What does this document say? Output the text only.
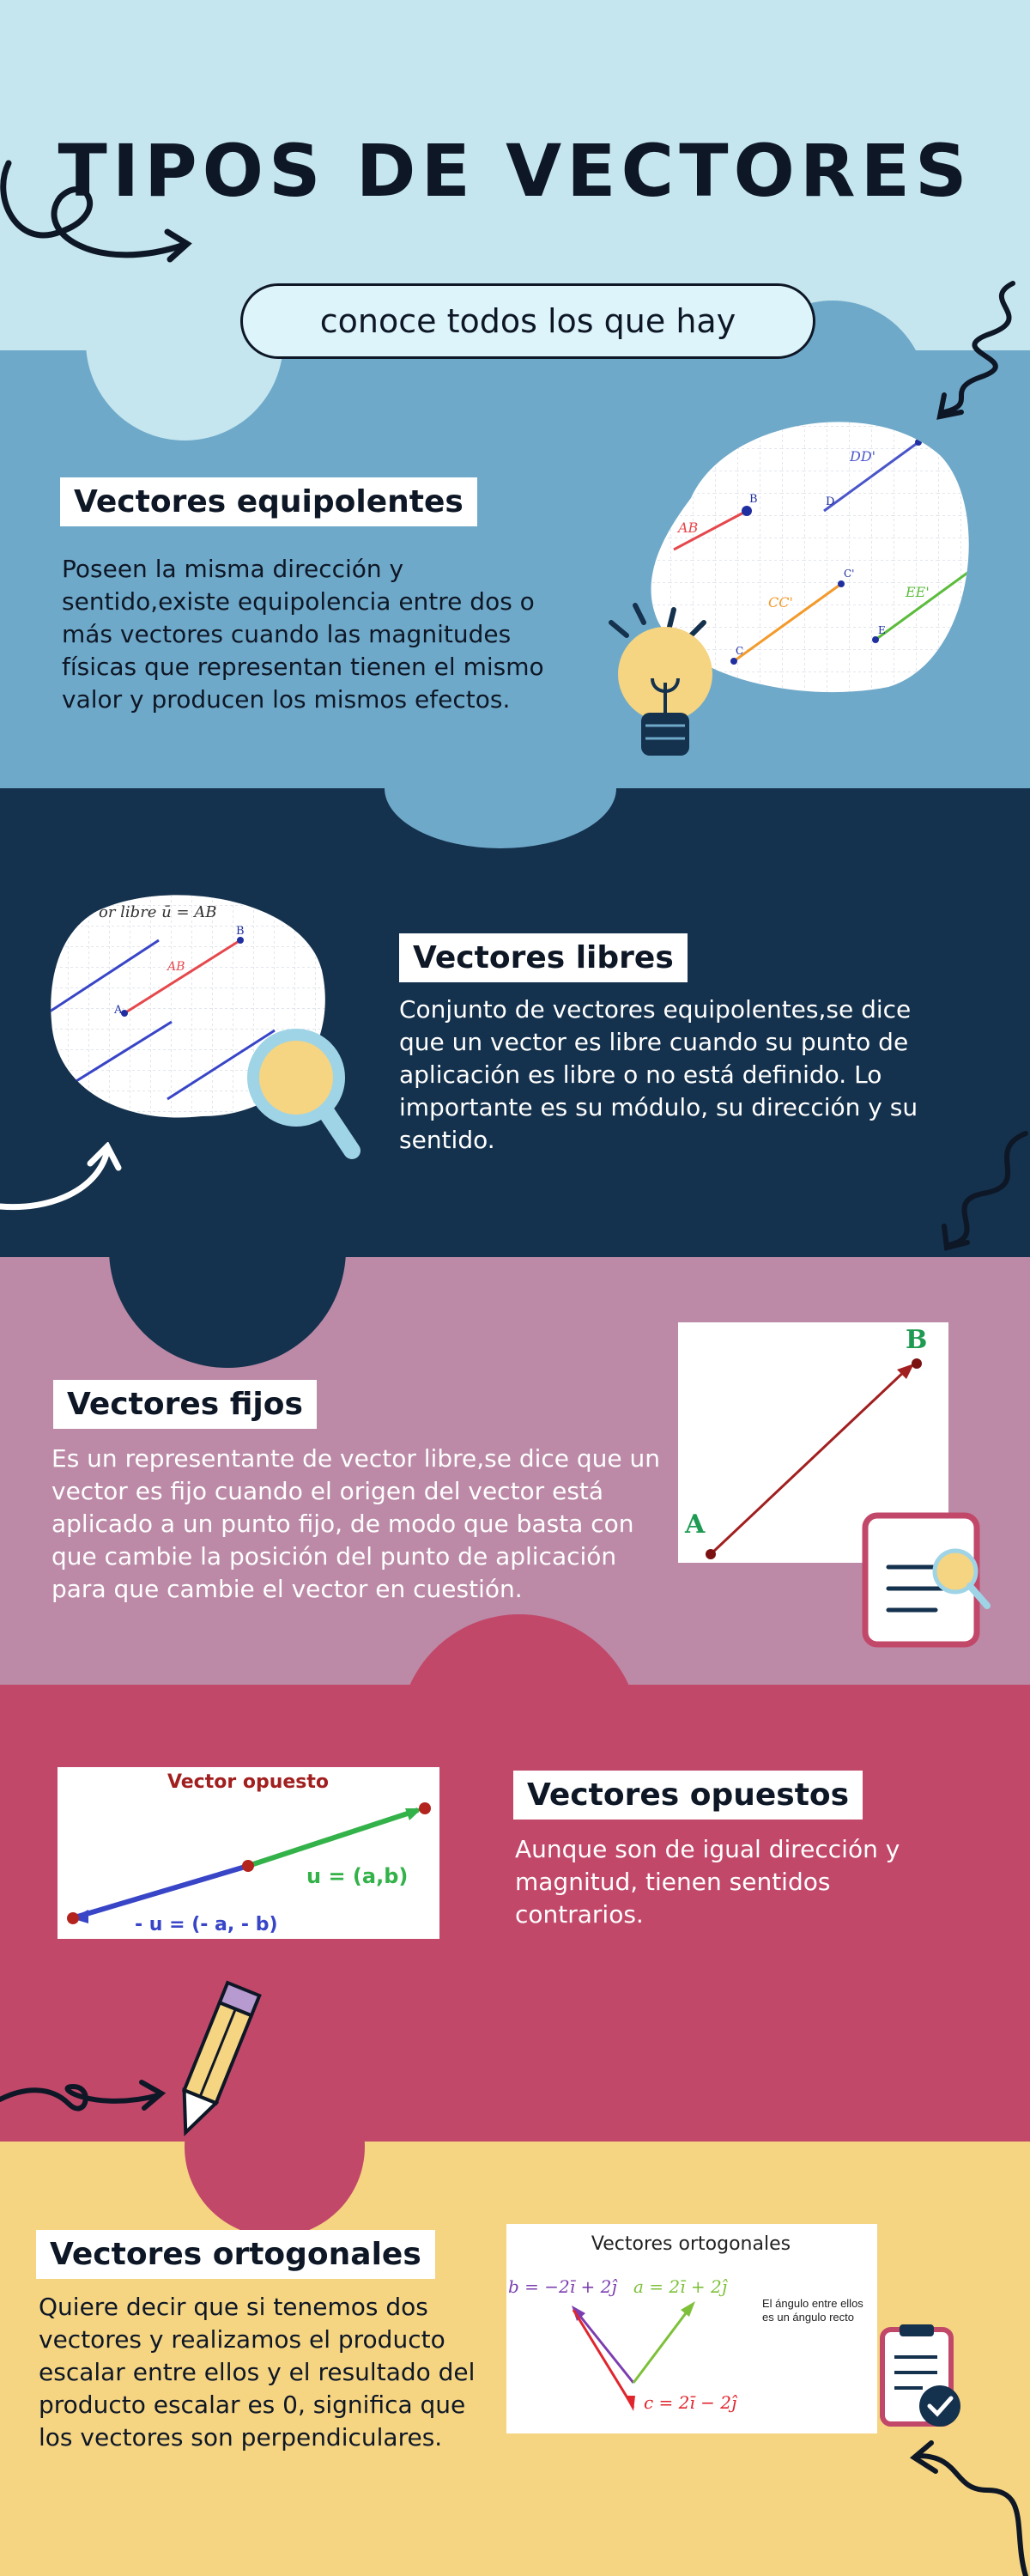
TIPOS DE VECTORES
conoce todos los que hay
Vectores equipolentes
Poseen la misma dirección y sentido,existe equipolencia entre dos o más vectores cuando las magnitudes físicas que representan tienen el mismo valor y producen los mismos efectos.
AB
B
DD'
D
CC'
C'
C
EE'
E
or libre ū = AB
A
B
AB	Vectores libres
Conjunto de vectores equipolentes,se dice que un vector es libre cuando su punto de aplicación es libre o no está definido. Lo importante es su módulo, su dirección y su sentido.
Vectores fijos
Es un representante de vector libre,se dice que un vector es fijo cuando el origen del vector está aplicado a un punto fijo, de modo que basta con que cambie la posición del punto de aplicación para que cambie el vector en cuestión.
A
B
Vector opuesto
u = (a,b)
- u = (- a, - b)
Vectores opuestos
Aunque son de igual dirección y magnitud, tienen sentidos contrarios.
Vectores ortogonales
Quiere decir que si tenemos dos vectores y realizamos el producto escalar entre ellos y el resultado del producto escalar es 0, significa que los vectores son perpendiculares.
Vectores ortogonales
b = −2ī + 2ĵ a = 2ī + 2ĵ
c = 2ī − 2ĵ
El ángulo entre ellos es un ángulo recto
